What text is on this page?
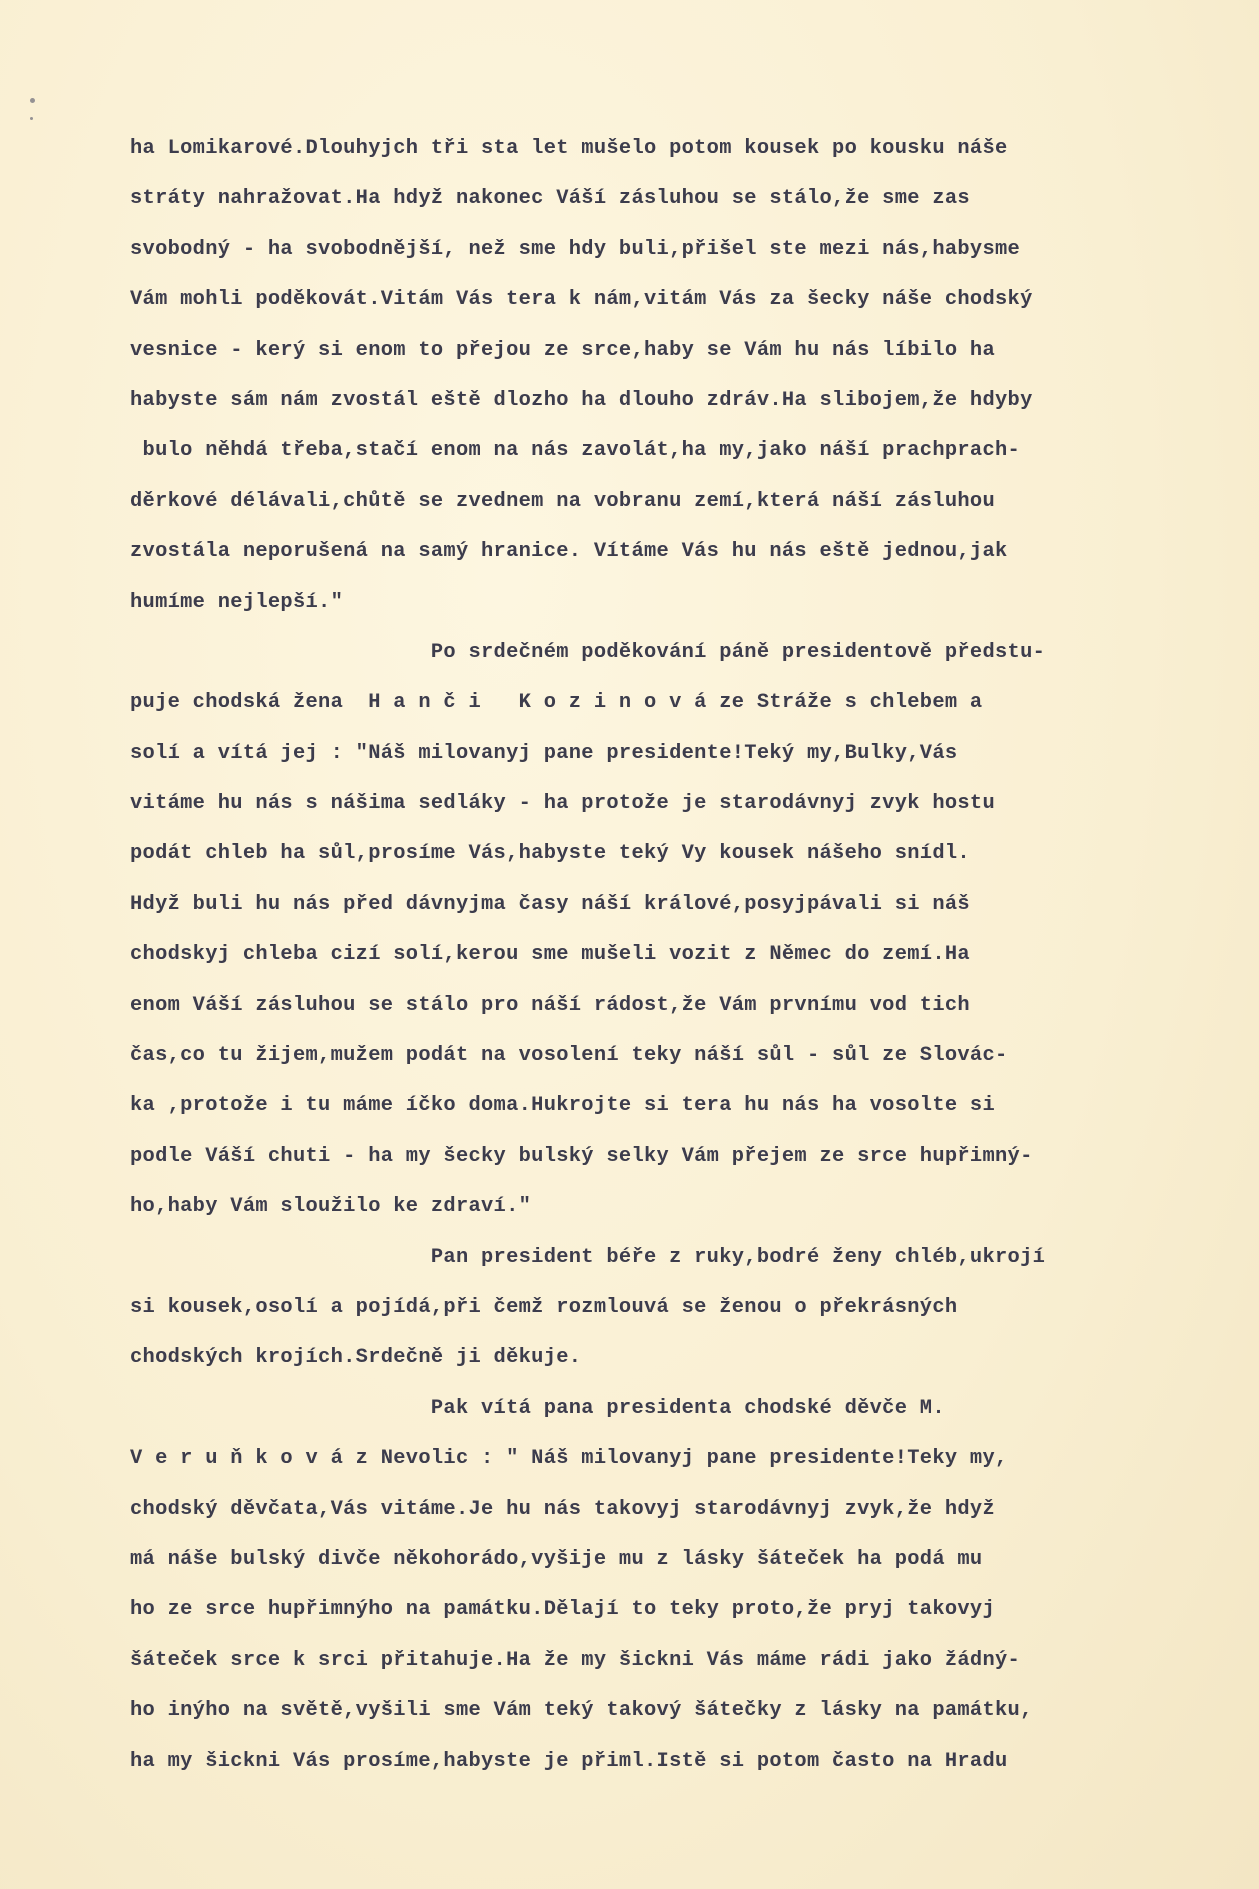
ha Lomikarové.Dlouhyjch tři sta let mušelo potom kousek po kousku náše
stráty nahražovat.Ha hdyž nakonec Váší zásluhou se stálo,že sme zas
svobodný - ha svobodnější, než sme hdy buli,přišel ste mezi nás,habysme
Vám mohli poděkovát.Vitám Vás tera k nám,vitám Vás za šecky náše chodský
vesnice - kerý si enom to přejou ze srce,haby se Vám hu nás líbilo ha
habyste sám nám zvostál eště dlozho ha dlouho zdráv.Ha slibojem,že hdyby
bulo něhdá třeba,stačí enom na nás zavolát,ha my,jako náší prachprach-
děrkové délávali,chůtě se zvednem na vobranu zemí,která náší zásluhou
zvostála neporušená na samý hranice. Vítáme Vás hu nás eště jednou,jak
humíme nejlepší."
Po srdečném poděkování páně presidentově předstu-
puje chodská žena  H a n č i   K o z i n o v á ze Stráže s chlebem a
solí a vítá jej : "Náš milovanyj pane presidente!Teký my,Bulky,Vás
vitáme hu nás s nášima sedláky - ha protože je starodávnyj zvyk hostu
podát chleb ha sůl,prosíme Vás,habyste teký Vy kousek nášeho snídl.
Hdyž buli hu nás před dávnyjma časy náší králové,posyjpávali si náš
chodskyj chleba cizí solí,kerou sme mušeli vozit z Němec do zemí.Ha
enom Váší zásluhou se stálo pro náší rádost,že Vám prvnímu vod tich
čas,co tu žijem,mužem podát na vosolení teky náší sůl - sůl ze Slovác-
ka ,protože i tu máme íčko doma.Hukrojte si tera hu nás ha vosolte si
podle Váší chuti - ha my šecky bulský selky Vám přejem ze srce hupřimný-
ho,haby Vám sloužilo ke zdraví."
Pan president béře z ruky,bodré ženy chléb,ukrojí
si kousek,osolí a pojídá,při čemž rozmlouvá se ženou o překrásných
chodských krojích.Srdečně ji děkuje.
Pak vítá pana presidenta chodské děvče M.
V e r u ň k o v á z Nevolic : " Náš milovanyj pane presidente!Teky my,
chodský děvčata,Vás vitáme.Je hu nás takovyj starodávnyj zvyk,že hdyž
má náše bulský divče někohorádo,vyšije mu z lásky šáteček ha podá mu
ho ze srce hupřimnýho na památku.Dělají to teky proto,že pryj takovyj
šáteček srce k srci přitahuje.Ha že my šickni Vás máme rádi jako žádný-
ho inýho na světě,vyšili sme Vám teký takový šátečky z lásky na památku,
ha my šickni Vás prosíme,habyste je přiml.Istě si potom často na Hradu
